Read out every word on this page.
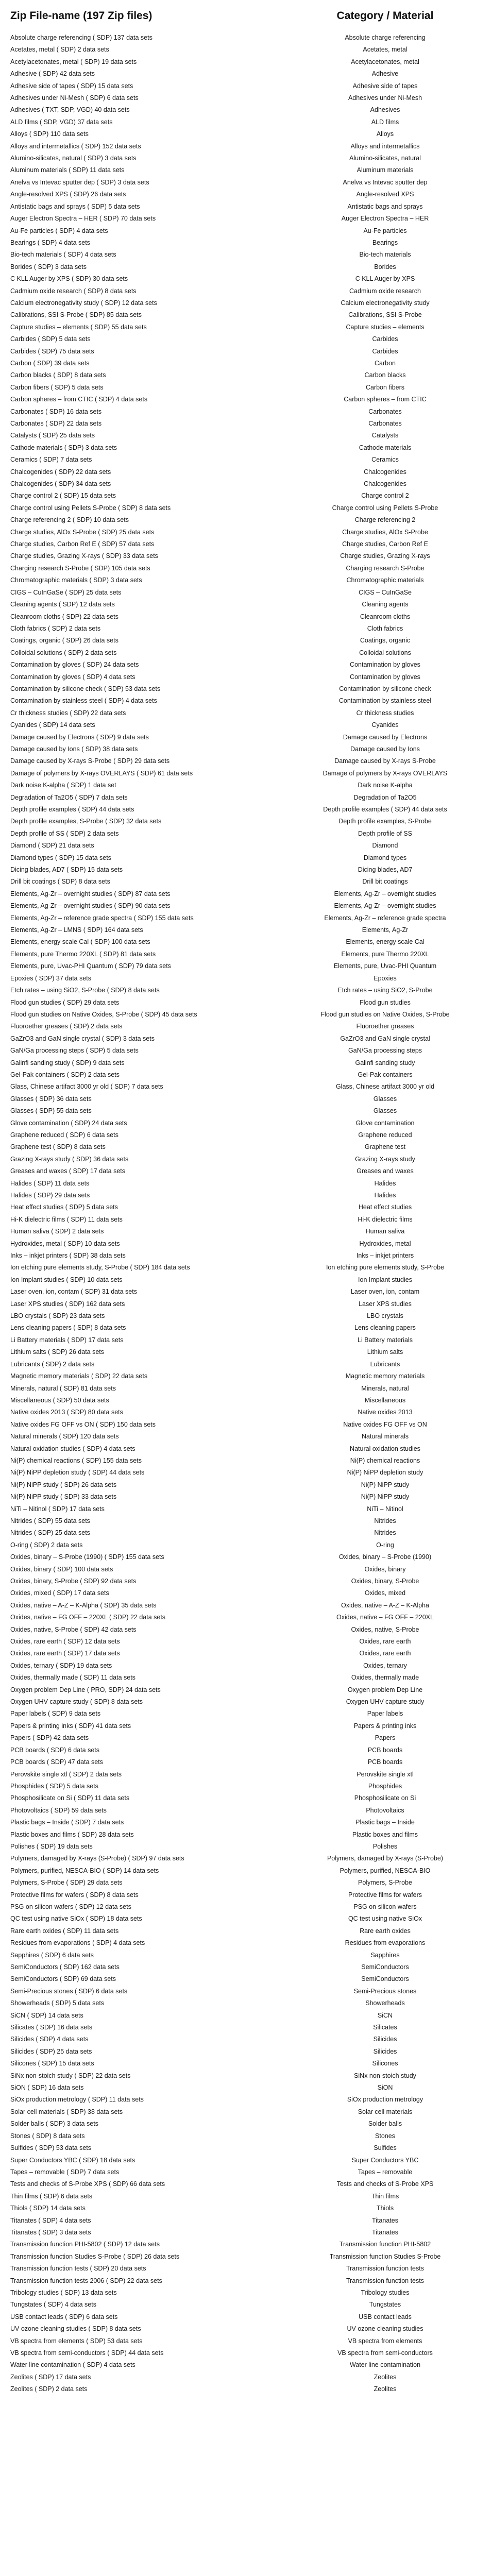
Zip File-name (197 Zip files)	Category / Material
Absolute charge referencing ( SDP) 137 data sets	Absolute charge referencing
Acetates, metal ( SDP) 2 data sets	Acetates, metal
Acetylacetonates, metal ( SDP) 19 data sets	Acetylacetonates, metal
Adhesive ( SDP) 42 data sets	Adhesive
Adhesive side of tapes ( SDP) 15 data sets	Adhesive side of tapes
Adhesives under Ni-Mesh ( SDP) 6 data sets	Adhesives under Ni-Mesh
Adhesives ( TXT, SDP, VGD) 40 data sets	Adhesives
ALD films ( SDP, VGD) 37 data sets	ALD films
Alloys ( SDP) 110 data sets	Alloys
Alloys and intermetallics ( SDP) 152 data sets	Alloys and intermetallics
Alumino-silicates, natural ( SDP) 3 data sets	Alumino-silicates, natural
Aluminum materials ( SDP) 11 data sets	Aluminum materials
Anelva vs Intevac sputter dep ( SDP) 3 data sets	Anelva vs Intevac sputter dep
Angle-resolved XPS ( SDP) 26 data sets	Angle-resolved XPS
Antistatic bags and sprays ( SDP) 5 data sets	Antistatic bags and sprays
Auger Electron Spectra – HER ( SDP) 70 data sets	Auger Electron Spectra – HER
Au-Fe particles ( SDP) 4 data sets	Au-Fe particles
Bearings ( SDP) 4 data sets	Bearings
Bio-tech materials ( SDP) 4 data sets	Bio-tech materials
Borides ( SDP) 3 data sets	Borides
C KLL Auger by XPS ( SDP) 30 data sets	C KLL Auger by XPS
Cadmium oxide research ( SDP) 8 data sets	Cadmium oxide research
Calcium electronegativity study ( SDP) 12 data sets	Calcium electronegativity study
Calibrations, SSI S-Probe ( SDP) 85 data sets	Calibrations, SSI S-Probe
Capture studies – elements ( SDP) 55 data sets	Capture studies – elements
Carbides ( SDP) 5 data sets	Carbides
Carbides ( SDP) 75 data sets	Carbides
Carbon ( SDP) 39 data sets	Carbon
Carbon blacks ( SDP) 8 data sets	Carbon blacks
Carbon fibers ( SDP) 5 data sets	Carbon fibers
Carbon spheres – from CTIC ( SDP) 4 data sets	Carbon spheres – from CTIC
Carbonates ( SDP) 16 data sets	Carbonates
Carbonates ( SDP) 22 data sets	Carbonates
Catalysts ( SDP) 25 data sets	Catalysts
Cathode materials ( SDP) 3 data sets	Cathode materials
Ceramics ( SDP) 7 data sets	Ceramics
Chalcogenides ( SDP) 22 data sets	Chalcogenides
Chalcogenides ( SDP) 34 data sets	Chalcogenides
Charge control 2 ( SDP) 15 data sets	Charge control 2
Charge control using Pellets S-Probe ( SDP) 8 data sets	Charge control using Pellets S-Probe
Charge referencing 2 ( SDP) 10 data sets	Charge referencing 2
Charge studies, AlOx S-Probe ( SDP) 25 data sets	Charge studies, AlOx S-Probe
Charge studies, Carbon Ref E ( SDP) 57 data sets	Charge studies, Carbon Ref E
Charge studies, Grazing X-rays ( SDP) 33 data sets	Charge studies, Grazing X-rays
Charging research S-Probe ( SDP) 105 data sets	Charging research S-Probe
Chromatographic materials ( SDP) 3 data sets	Chromatographic materials
CIGS – CuInGaSe ( SDP) 25 data sets	CIGS – CuInGaSe
Cleaning agents ( SDP) 12 data sets	Cleaning agents
Cleanroom cloths ( SDP) 22 data sets	Cleanroom cloths
Cloth fabrics ( SDP) 2 data sets	Cloth fabrics
Coatings, organic ( SDP) 26 data sets	Coatings, organic
Colloidal solutions ( SDP) 2 data sets	Colloidal solutions
Contamination by gloves ( SDP) 24 data sets	Contamination by gloves
Contamination by gloves ( SDP) 4 data sets	Contamination by gloves
Contamination by silicone check ( SDP) 53 data sets	Contamination by silicone check
Contamination by stainless steel ( SDP) 4 data sets	Contamination by stainless steel
Cr thickness studies ( SDP) 22 data sets	Cr thickness studies
Cyanides ( SDP) 14 data sets	Cyanides
Damage caused by Electrons ( SDP) 9 data sets	Damage caused by Electrons
Damage caused by Ions ( SDP) 38 data sets	Damage caused by Ions
Damage caused by X-rays S-Probe ( SDP) 29 data sets	Damage caused by X-rays S-Probe
Damage of polymers by X-rays OVERLAYS ( SDP) 61 data sets	Damage of polymers by X-rays OVERLAYS
Dark noise K-alpha ( SDP) 1 data set	Dark noise K-alpha
Degradation of Ta2O5 ( SDP) 7 data sets	Degradation of Ta2O5
Depth profile examples ( SDP) 44 data sets	Depth profile examples ( SDP) 44 data sets
Depth profile examples, S-Probe ( SDP) 32 data sets	Depth profile examples, S-Probe
Depth profile of SS ( SDP) 2 data sets	Depth profile of SS
Diamond ( SDP) 21 data sets	Diamond
Diamond types ( SDP) 15 data sets	Diamond types
Dicing blades, AD7 ( SDP) 15 data sets	Dicing blades, AD7
Drill bit coatings ( SDP) 8 data sets	Drill bit coatings
Elements, Ag-Zr – overnight studies ( SDP) 87 data sets	Elements, Ag-Zr – overnight studies
Elements, Ag-Zr – overnight studies ( SDP) 90 data sets	Elements, Ag-Zr – overnight studies
Elements, Ag-Zr – reference grade spectra ( SDP) 155 data sets	Elements, Ag-Zr – reference grade spectra
Elements, Ag-Zr – LMNS ( SDP) 164 data sets	Elements, Ag-Zr
Elements, energy scale Cal ( SDP) 100 data sets	Elements, energy scale Cal
Elements, pure Thermo 220XL ( SDP) 81 data sets	Elements, pure Thermo 220XL
Elements, pure, Uvac-PHI Quantum ( SDP) 79 data sets	Elements, pure, Uvac-PHI Quantum
Epoxies ( SDP) 37 data sets	Epoxies
Etch rates – using SiO2, S-Probe ( SDP) 8 data sets	Etch rates – using SiO2, S-Probe
Flood gun studies ( SDP) 29 data sets	Flood gun studies
Flood gun studies on Native Oxides, S-Probe ( SDP) 45 data sets	Flood gun studies on Native Oxides, S-Probe
Fluoroether greases ( SDP) 2 data sets	Fluoroether greases
GaZrO3 and GaN single crystal ( SDP) 3 data sets	GaZrO3 and GaN single crystal
GaN/Ga processing steps ( SDP) 5 data sets	GaN/Ga processing steps
Galinfi sanding study ( SDP) 9 data sets	Galinfi sanding study
Gel-Pak containers ( SDP) 2 data sets	Gel-Pak containers
Glass, Chinese artifact 3000 yr old ( SDP) 7 data sets	Glass, Chinese artifact 3000 yr old
Glasses ( SDP) 36 data sets	Glasses
Glasses ( SDP) 55 data sets	Glasses
Glove contamination ( SDP) 24 data sets	Glove contamination
Graphene reduced ( SDP) 6 data sets	Graphene reduced
Graphene test ( SDP) 8 data sets	Graphene test
Grazing X-rays study ( SDP) 36 data sets	Grazing X-rays study
Greases and waxes ( SDP) 17 data sets	Greases and waxes
Halides ( SDP) 11 data sets	Halides
Halides ( SDP) 29 data sets	Halides
Heat effect studies ( SDP) 5 data sets	Heat effect studies
Hi-K dielectric films ( SDP) 11 data sets	Hi-K dielectric films
Human saliva ( SDP) 2 data sets	Human saliva
Hydroxides, metal ( SDP) 10 data sets	Hydroxides, metal
Inks – inkjet printers ( SDP) 38 data sets	Inks – inkjet printers
Ion etching pure elements study, S-Probe ( SDP) 184 data sets	Ion etching pure elements study, S-Probe
Ion Implant studies ( SDP) 10 data sets	Ion Implant studies
Laser oven, ion, contam ( SDP) 31 data sets	Laser oven, ion, contam
Laser XPS studies ( SDP) 162 data sets	Laser XPS studies
LBO crystals ( SDP) 23 data sets	LBO crystals
Lens cleaning papers ( SDP) 8 data sets	Lens cleaning papers
Li Battery materials ( SDP) 17 data sets	Li Battery materials
Lithium salts ( SDP) 26 data sets	Lithium salts
Lubricants ( SDP) 2 data sets	Lubricants
Magnetic memory materials ( SDP) 22 data sets	Magnetic memory materials
Minerals, natural ( SDP) 81 data sets	Minerals, natural
Miscellaneous ( SDP) 50 data sets	Miscellaneous
Native oxides 2013 ( SDP) 80 data sets	Native oxides 2013
Native oxides FG OFF vs ON ( SDP) 150 data sets	Native oxides FG OFF vs ON
Natural minerals ( SDP) 120 data sets	Natural minerals
Natural oxidation studies ( SDP) 4 data sets	Natural oxidation studies
Ni(P) chemical reactions ( SDP) 155 data sets	Ni(P) chemical reactions
Ni(P) NiPP depletion study ( SDP) 44 data sets	Ni(P) NiPP depletion study
Ni(P) NiPP study ( SDP) 26 data sets	Ni(P) NiPP study
Ni(P) NiPP study ( SDP) 33 data sets	Ni(P) NiPP study
NiTi – Nitinol ( SDP) 17 data sets	NiTi – Nitinol
Nitrides ( SDP) 55 data sets	Nitrides
Nitrides ( SDP) 25 data sets	Nitrides
O-ring ( SDP) 2 data sets	O-ring
Oxides, binary – S-Probe (1990) ( SDP) 155 data sets	Oxides, binary – S-Probe (1990)
Oxides, binary ( SDP) 100 data sets	Oxides, binary
Oxides, binary, S-Probe ( SDP) 92 data sets	Oxides, binary, S-Probe
Oxides, mixed ( SDP) 17 data sets	Oxides, mixed
Oxides, native – A-Z – K-Alpha ( SDP) 35 data sets	Oxides, native – A-Z – K-Alpha
Oxides, native – FG OFF – 220XL ( SDP) 22 data sets	Oxides, native – FG OFF – 220XL
Oxides, native, S-Probe ( SDP) 42 data sets	Oxides, native, S-Probe
Oxides, rare earth ( SDP) 12 data sets	Oxides, rare earth
Oxides, rare earth ( SDP) 17 data sets	Oxides, rare earth
Oxides, ternary ( SDP) 19 data sets	Oxides, ternary
Oxides, thermally made ( SDP) 11 data sets	Oxides, thermally made
Oxygen problem Dep Line ( PRO, SDP) 24 data sets	Oxygen problem Dep Line
Oxygen UHV capture study ( SDP) 8 data sets	Oxygen UHV capture study
Paper labels ( SDP) 9 data sets	Paper labels
Papers & printing inks ( SDP) 41 data sets	Papers & printing inks
Papers ( SDP) 42 data sets	Papers
PCB boards ( SDP) 6 data sets	PCB boards
PCB boards ( SDP) 47 data sets	PCB boards
Perovskite single xtl ( SDP) 2 data sets	Perovskite single xtl
Phosphides ( SDP) 5 data sets	Phosphides
Phosphosilicate on Si ( SDP) 11 data sets	Phosphosilicate on Si
Photovoltaics ( SDP) 59 data sets	Photovoltaics
Plastic bags – Inside ( SDP) 7 data sets	Plastic bags – Inside
Plastic boxes and films ( SDP) 28 data sets	Plastic boxes and films
Polishes ( SDP) 19 data sets	Polishes
Polymers, damaged by X-rays (S-Probe) ( SDP) 97 data sets	Polymers, damaged by X-rays (S-Probe)
Polymers, purified, NESCA-BIO ( SDP) 14 data sets	Polymers, purified, NESCA-BIO
Polymers, S-Probe ( SDP) 29 data sets	Polymers, S-Probe
Protective films for wafers ( SDP) 8 data sets	Protective films for wafers
PSG on silicon wafers ( SDP) 12 data sets	PSG on silicon wafers
QC test using native SiOx ( SDP) 18 data sets	QC test using native SiOx
Rare earth oxides ( SDP) 11 data sets	Rare earth oxides
Residues from evaporations ( SDP) 4 data sets	Residues from evaporations
Sapphires ( SDP) 6 data sets	Sapphires
SemiConductors ( SDP) 162 data sets	SemiConductors
SemiConductors ( SDP) 69 data sets	SemiConductors
Semi-Precious stones ( SDP) 6 data sets	Semi-Precious stones
Showerheads ( SDP) 5 data sets	Showerheads
SiCN ( SDP) 14 data sets	SiCN
Silicates ( SDP) 16 data sets	Silicates
Silicides ( SDP) 4 data sets	Silicides
Silicides ( SDP) 25 data sets	Silicides
Silicones ( SDP) 15 data sets	Silicones
SiNx non-stoich study ( SDP) 22 data sets	SiNx non-stoich study
SiON ( SDP) 16 data sets	SiON
SiOx production metrology ( SDP) 11 data sets	SiOx production metrology
Solar cell materials ( SDP) 38 data sets	Solar cell materials
Solder balls ( SDP) 3 data sets	Solder balls
Stones ( SDP) 8 data sets	Stones
Sulfides ( SDP) 53 data sets	Sulfides
Super Conductors YBC ( SDP) 18 data sets	Super Conductors YBC
Tapes – removable ( SDP) 7 data sets	Tapes – removable
Tests and checks of S-Probe XPS ( SDP) 66 data sets	Tests and checks of S-Probe XPS
Thin films ( SDP) 6 data sets	Thin films
Thiols ( SDP) 14 data sets	Thiols
Titanates ( SDP) 4 data sets	Titanates
Titanates ( SDP) 3 data sets	Titanates
Transmission function PHI-5802 ( SDP) 12 data sets	Transmission function PHI-5802
Transmission function Studies S-Probe ( SDP) 26 data sets	Transmission function Studies S-Probe
Transmission function tests ( SDP) 20 data sets	Transmission function tests
Transmission function tests 2006 ( SDP) 22 data sets	Transmission function tests
Tribology studies ( SDP) 13 data sets	Tribology studies
Tungstates ( SDP) 4 data sets	Tungstates
USB contact leads ( SDP) 6 data sets	USB contact leads
UV ozone cleaning studies ( SDP) 8 data sets	UV ozone cleaning studies
VB spectra from elements ( SDP) 53 data sets	VB spectra from elements
VB spectra from semi-conductors ( SDP) 44 data sets	VB spectra from semi-conductors
Water line contamination ( SDP) 4 data sets	Water line contamination
Zeolites ( SDP) 17 data sets	Zeolites
Zeolites ( SDP) 2 data sets	Zeolites
